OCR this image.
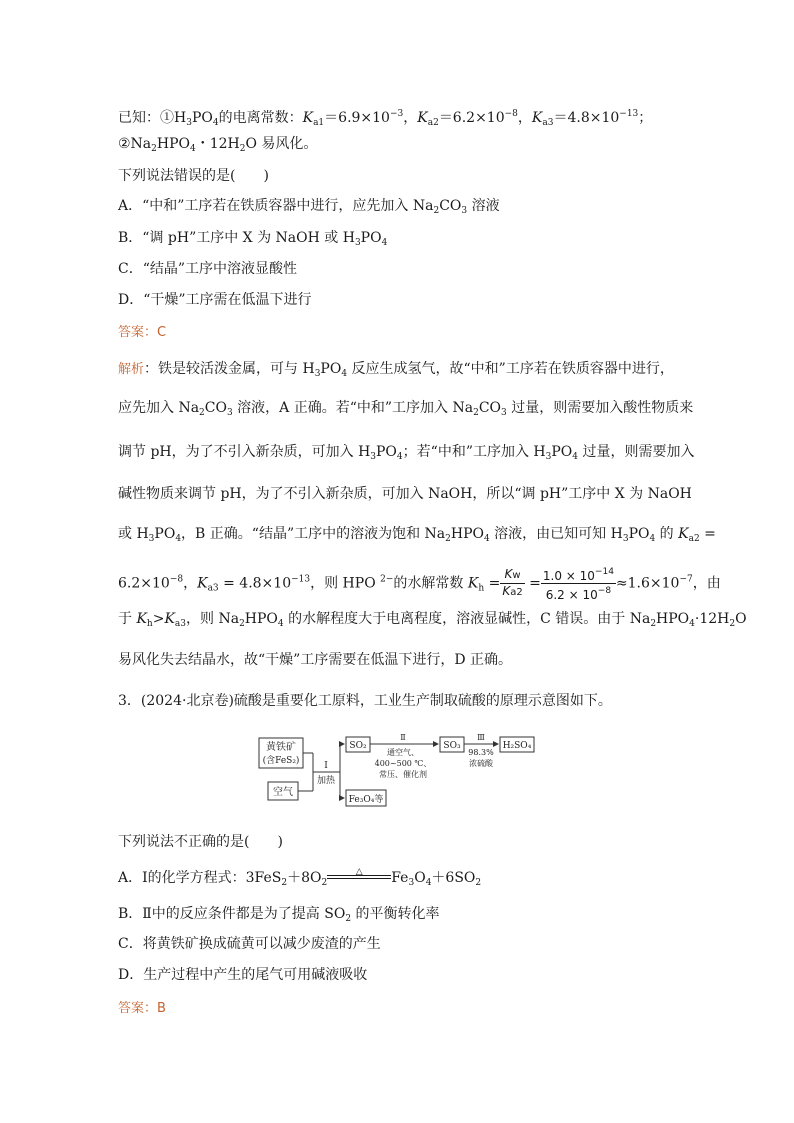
已知：$①H_3PO_4$的电离常数：$K_{a1}=6.9\times 10^{-3}$，$K_{a2}=6.2\times 10^{-8}$，$K_{a3}=4.8\times 10^{-13}$；
$②Na_2HPO_4$・$12H_2O$ 易风化。
下列说法错误的是(　　)
A．“中和”工序若在铁质容器中进行，应先加入 $Na_2CO_3$ 溶液
B．“调 pH”工序中 X 为 NaOH 或 $H_3PO_4$
C．“结晶”工序中溶液显酸性
D．“干燥”工序需在低温下进行
答案：C
解析：铁是较活泼金属，可与 $H_3PO_4$ 反应生成氢气，故“中和”工序若在铁质容器中进行，
应先加入 $Na_2CO_3$ 溶液，A 正确。若“中和”工序加入 $Na_2CO_3$ 过量，则需要加入酸性物质来
调节 pH，为了不引入新杂质，可加入 $H_3PO_4$；若“中和”工序加入 $H_3PO_4$ 过量，则需要加入
碱性物质来调节 pH，为了不引入新杂质，可加入 NaOH，所以“调 pH”工序中 X 为 NaOH
或 $H_3PO_4$，B 正确。“结晶”工序中的溶液为饱和 $Na_2HPO_4$ 溶液，由已知可知 $H_3PO_4$ 的 $K_{a2}$ =
$6.2\times 10^{-8}$，$K_{a3} = 4.8\times 10^{-13}$，则 HPO $^{2-}$的水解常数 $K_h = \frac{Kw}{Ka2} = \frac{1.0 \times 10^{-14}}{6.2 \times 10^{-8}} \approx 1.6\times 10^{-7}$，由
于 $K_h>K_{a3}$，则 $Na_2HPO_4$ 的水解程度大于电离程度，溶液显碱性，C 错误。由于 $Na_2HPO_4\cdot 12H_2O$
易风化失去结晶水，故“干燥”工序需要在低温下进行，D 正确。
3．(2024·北京卷)硫酸是重要化工原料，工业生产制取硫酸的原理示意图如下。
黄铁矿
(含FeS₂)
空气
Ⅰ
加热
SO₂
Fe₃O₄等
Ⅱ
通空气、
400~500 ℃、
常压、催化剂
SO₃
Ⅲ
98.3%
浓硫酸
H₂SO₄
下列说法不正确的是(　　)
A．Ⅰ的化学方程式：$3FeS_2+8O_2$
△	$Fe_3O_4+6SO_2$
B．Ⅱ中的反应条件都是为了提高 $SO_2$ 的平衡转化率
C．将黄铁矿换成硫黄可以减少废渣的产生
D．生产过程中产生的尾气可用碱液吸收
答案：B
